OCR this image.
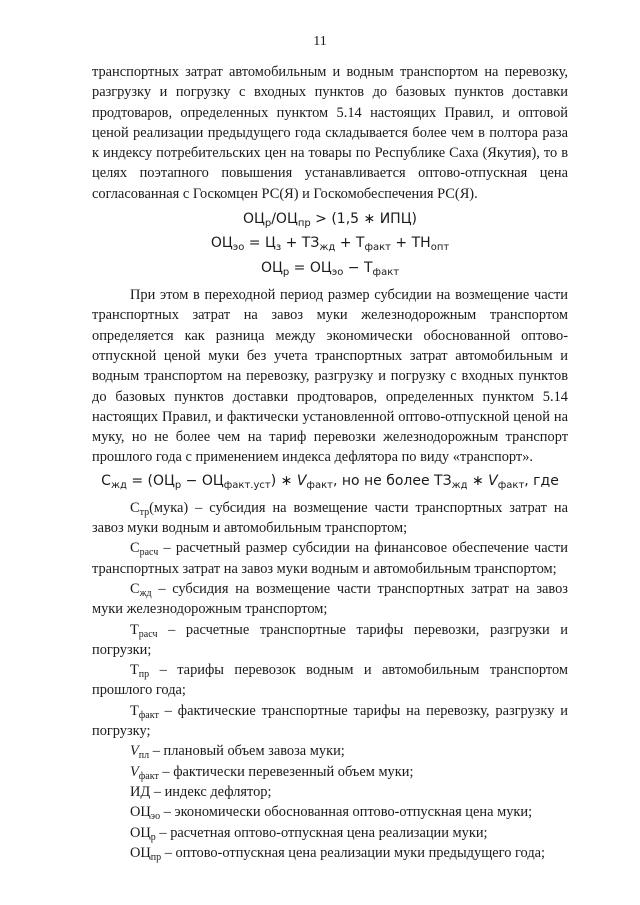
11

транспортных затрат автомобильным и водным транспортом на перевозку, разгрузку и погрузку с входных пунктов до базовых пунктов доставки продтоваров, определенных пунктом 5.14 настоящих Правил, и оптовой ценой реализации предыдущего года складывается более чем в полтора раза к индексу потребительских цен на товары по Республике Саха (Якутия), то в целях поэтапного повышения устанавливается оптово-отпускная цена согласованная с Госкомцен РС(Я) и Госкомобеспечения РС(Я).

$ОЦ_р/ОЦ_{пр} > (1,5$ ∗ ИПЦ)
$ОЦ_{эо} = Ц_з + ТЗ_{жд} + Т_{факт} + ТН_{опт}$
$ОЦ_р = ОЦ_{эо} - Т_{факт}$

При этом в переходной период размер субсидии на возмещение части транспортных затрат на завоз муки железнодорожным транспортом определяется как разница между экономически обоснованной оптово-отпускной ценой муки без учета транспортных затрат автомобильным и водным транспортом на перевозку, разгрузку и погрузку с входных пунктов до базовых пунктов доставки продтоваров, определенных пунктом 5.14 настоящих Правил, и фактически установленной оптово-отпускной ценой на муку, но не более чем на тариф перевозки железнодорожным транспорт прошлого года с применением индекса дефлятора по виду «транспорт».

$С_{жд} = (ОЦ_р - ОЦ_{факт.уст})$ ∗ $V_{факт}$, но не более $ТЗ_{жд}$ ∗ $V_{факт}$, где

$С_{тр}(мука)$ – субсидия на возмещение части транспортных затрат на завоз муки водным и автомобильным транспортом;

$С_{расч}$ – расчетный размер субсидии на финансовое обеспечение части транспортных затрат на завоз муки водным и автомобильным транспортом;

$С_{жд}$ – субсидия на возмещение части транспортных затрат на завоз муки железнодорожным транспортом;

$Т_{расч}$ – расчетные транспортные тарифы перевозки, разгрузки и погрузки;

$Т_{пр}$ – тарифы перевозок водным и автомобильным транспортом прошлого года;

$Т_{факт}$ – фактические транспортные тарифы на перевозку, разгрузку и погрузку;

$V_{пл}$ – плановый объем завоза муки;

$V_{факт}$ – фактически перевезенный объем муки;

ИД – индекс дефлятор;

$ОЦ_{эо}$ – экономически обоснованная оптово-отпускная цена муки;

$ОЦ_р$ – расчетная оптово-отпускная цена реализации муки;

$ОЦ_{пр}$ – оптово-отпускная цена реализации муки предыдущего года;
